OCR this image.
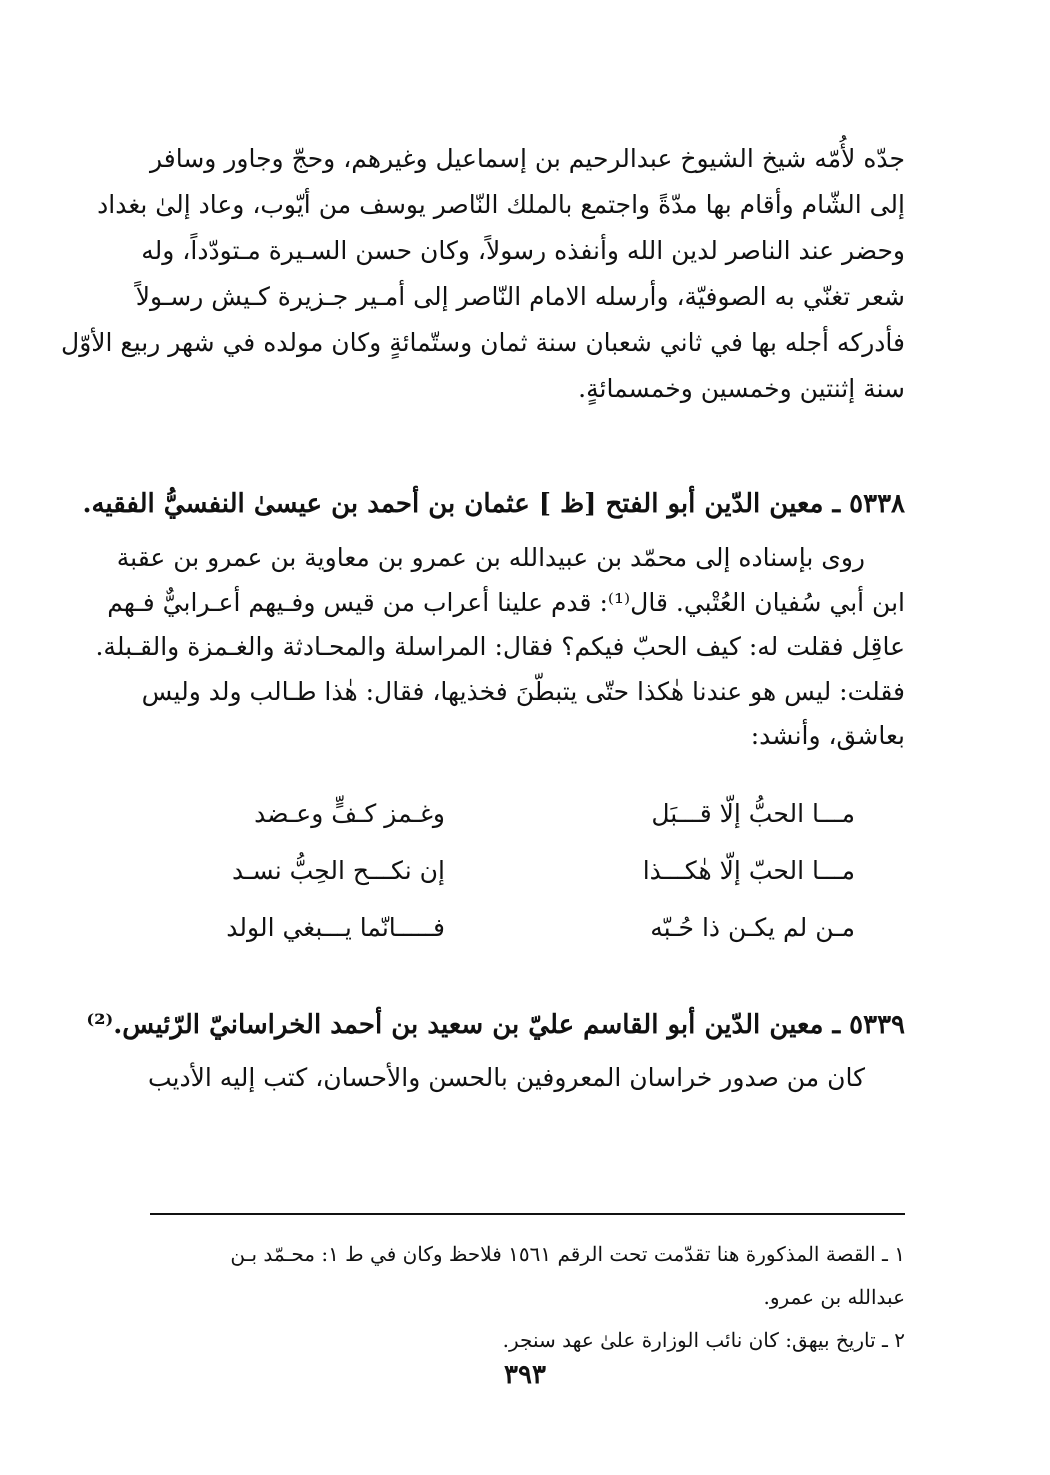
جدّه لأُمّه شيخ الشيوخ عبدالرحيم بن إسماعيل وغيرهم، وحجّ وجاور وسافر
إلى الشّام وأقام بها مدّةً واجتمع بالملك النّاصر يوسف من أيّوب، وعاد إلىٰ بغداد
وحضر عند الناصر لدين الله وأنفذه رسولاً، وكان حسن السـيرة مـتودّداً، وله
شعر تغنّي به الصوفيّة، وأرسله الامام النّاصر إلى أمـير جـزيرة كـيش رسـولاً
فأدركه أجله بها في ثاني شعبان سنة ثمان وستّمائةٍ وكان مولده في شهر ربيع الأوّل
سنة إثنتين وخمسين وخمسمائةٍ.
٥٣٣٨ ـ معين الدّين أبو الفتح [ظ ] عثمان بن أحمد بن عيسىٰ النفسيُّ الفقيه.
روى بإسناده إلى محمّد بن عبيدالله بن عمرو بن معاوية بن عمرو بن عقبة
ابن أبي سُفيان العُتْبي. قال⁽¹⁾: قدم علينا أعراب من قيس وفـيهم أعـرابيٌّ فـهم
عاقِل فقلت له: كيف الحبّ فيكم؟ فقال: المراسلة والمحـادثة والغـمزة والقـبلة.
فقلت: ليس هو عندنا هٰكذا حتّى يتبطّنَ فخذيها، فقال: هٰذا طـالب ولد وليس
بعاشق، وأنشد:
مـــا الحبُّ إلّا قـــبَل
مـــا الحبّ إلّا هٰكـــذا
مـن لم يكـن ذا حُـبّه
وغـمز كـفٍّ وعـضد
إن نكـــح الحِبُّ نسـد
فـــــانّما يـــبغي الولد
٥٣٣٩ ـ معين الدّين أبو القاسم عليّ بن سعيد بن أحمد الخراسانيّ الرّئيس.⁽²⁾
كان من صدور خراسان المعروفين بالحسن والأحسان، كتب إليه الأديب
١ ـ القصة المذكورة هنا تقدّمت تحت الرقم ١٥٦١ فلاحظ وكان في ط ١: محـمّد بـن
عبدالله بن عمرو.
٢ ـ تاريخ بيهق: كان نائب الوزارة علىٰ عهد سنجر.
٣٩٣
